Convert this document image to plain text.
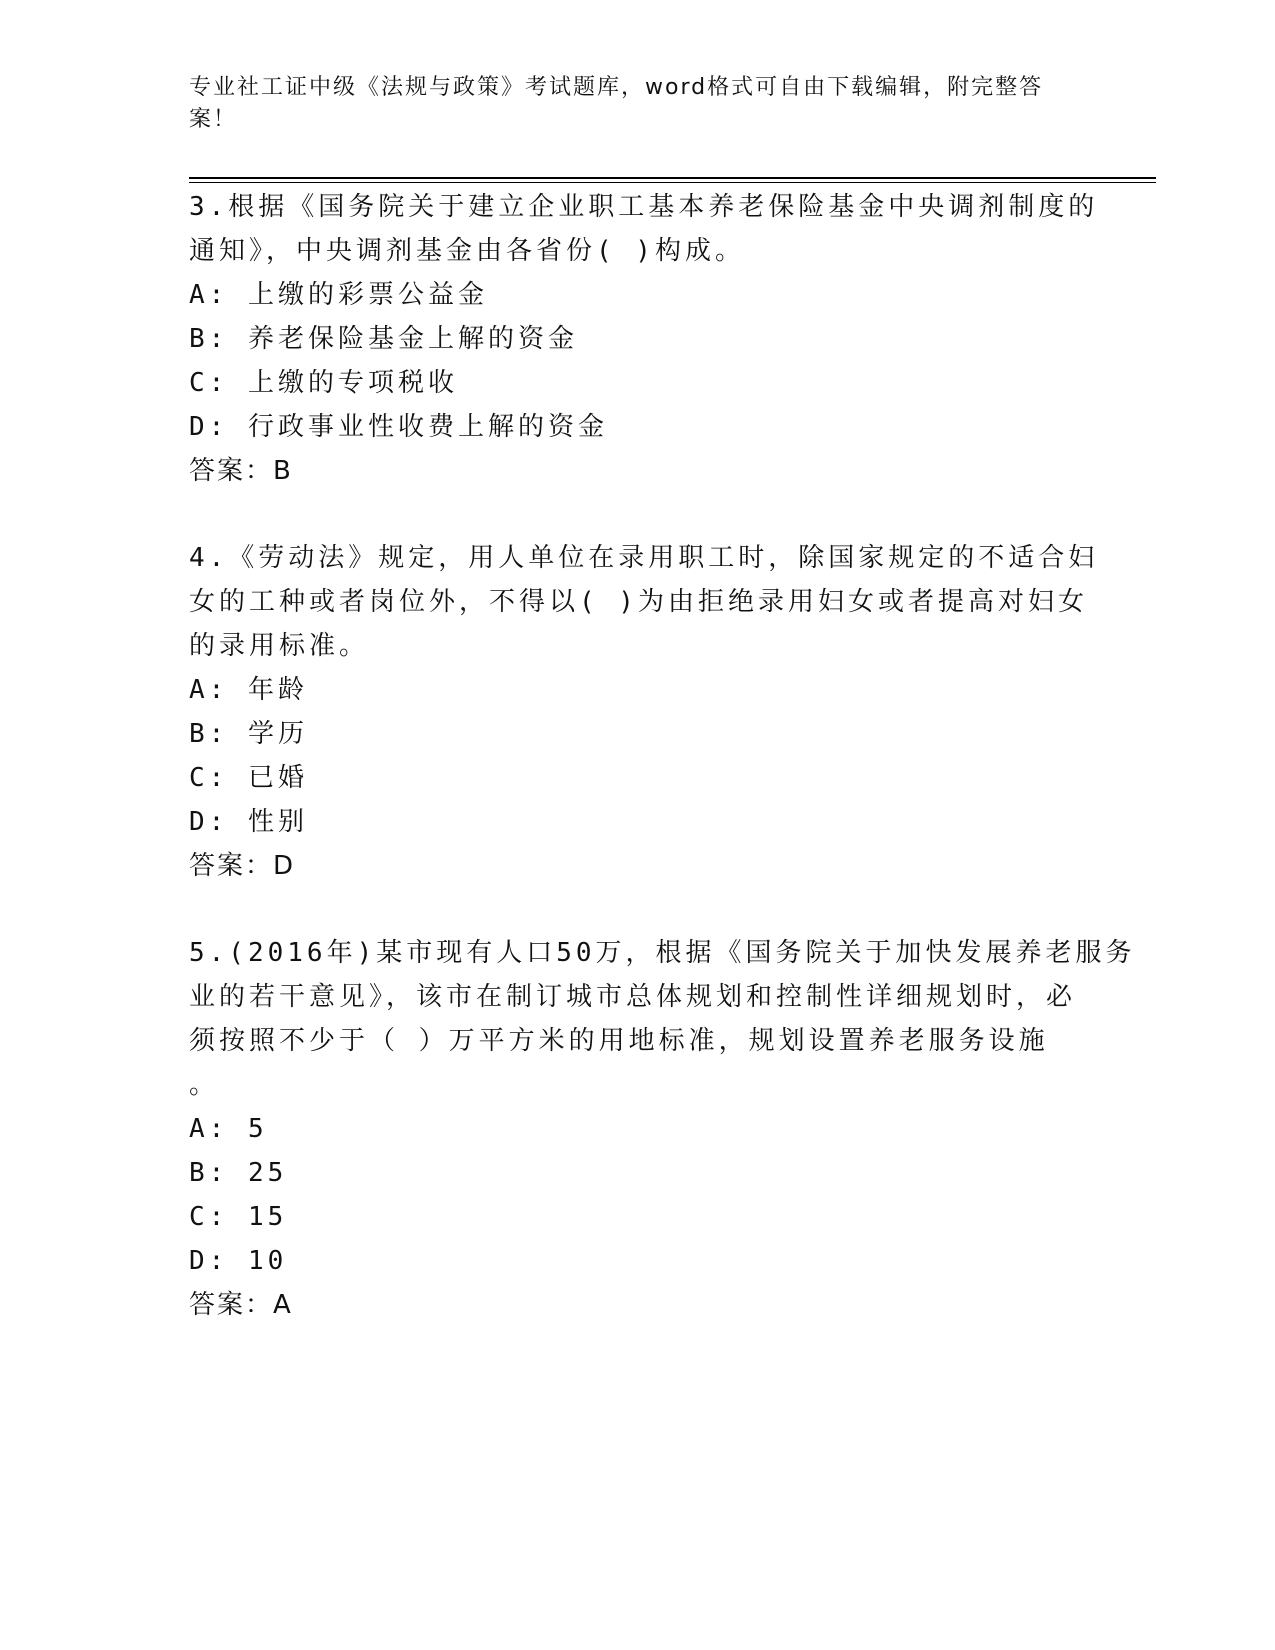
专业社工证中级《法规与政策》考试题库，word格式可自由下载编辑，附完整答
案！
3.根据《国务院关于建立企业职工基本养老保险基金中央调剂制度的
通知》，中央调剂基金由各省份( )构成。
A: 上缴的彩票公益金
B: 养老保险基金上解的资金
C: 上缴的专项税收
D: 行政事业性收费上解的资金
答案：B
4.《劳动法》规定，用人单位在录用职工时，除国家规定的不适合妇
女的工种或者岗位外，不得以( )为由拒绝录用妇女或者提高对妇女
的录用标准。
A: 年龄
B: 学历
C: 已婚
D: 性别
答案：D
5.(2016年)某市现有人口50万，根据《国务院关于加快发展养老服务
业的若干意见》，该市在制订城市总体规划和控制性详细规划时，必
须按照不少于（ ）万平方米的用地标准，规划设置养老服务设施
。
A: 5
B: 25
C: 15
D: 10
答案：A
